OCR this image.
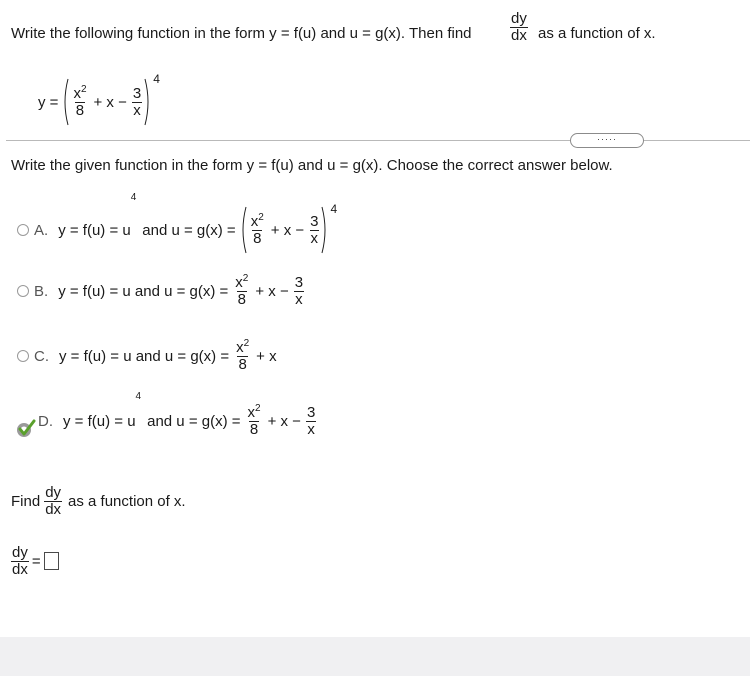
Write the following function in the form y = f(u) and u = g(x). Then find	$\frac{dy}{dx}$ as a function of x.
$y = \frac{x^2}{8} + x - \frac{3}{x}$
4
·····
Write the given function in the form y = f(u) and u = g(x). Choose the correct answer below.
A. y = f(u) = u
4
and $u = g(x) = \frac{x^2}{8} + x - \frac{3}{x}$
4
B. y = f(u) = u and $u = g(x) = \frac{x^2}{8} + x - \frac{3}{x}$
C. y = f(u) = u and $u = g(x) = \frac{x^2}{8} + x$
D. y = f(u) = u
4
and $u = g(x) = \frac{x^2}{8} + x - \frac{3}{x}$
Find $\frac{dy}{dx}$ as a function of x.
$\frac{dy}{dx}$ =
